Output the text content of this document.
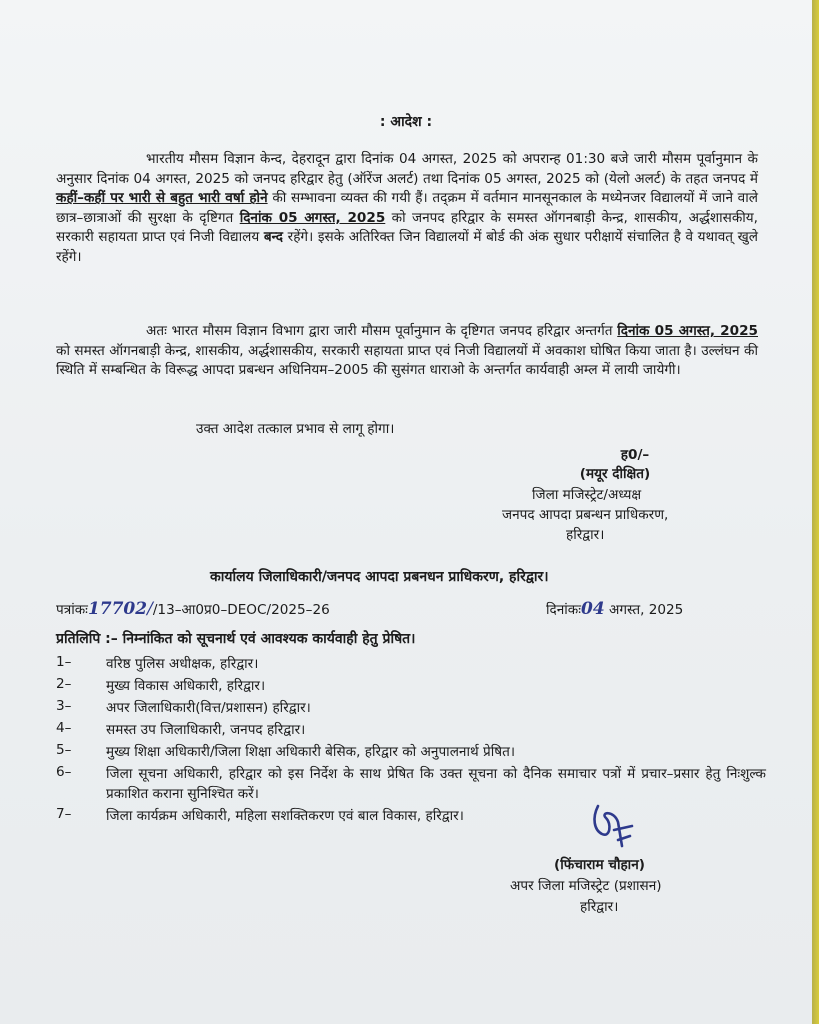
: आदेश :
भारतीय मौसम विज्ञान केन्द, देहरादून द्वारा दिनांक 04 अगस्त, 2025 को अपरान्ह 01:30 बजे जारी मौसम पूर्वानुमान के अनुसार दिनांक 04 अगस्त, 2025 को जनपद हरिद्वार हेतु (ऑरेंज अलर्ट) तथा दिनांक 05 अगस्त, 2025 को (येलो अलर्ट) के तहत जनपद में कहीं–कहीं पर भारी से बहुत भारी वर्षा होने की सम्भावना व्यक्त की गयी हैं। तद्क्रम में वर्तमान मानसूनकाल के मध्येनजर विद्यालयों में जाने वाले छात्र–छात्राओं की सुरक्षा के दृष्टिगत दिनांक 05 अगस्त, 2025 को जनपद हरिद्वार के समस्त ऑगनबाड़ी केन्द्र, शासकीय, अर्द्धशासकीय, सरकारी सहायता प्राप्त एवं निजी विद्यालय बन्द रहेंगे। इसके अतिरिक्त जिन विद्यालयों में बोर्ड की अंक सुधार परीक्षायें संचालित है वे यथावत् खुले रहेंगे।
अतः भारत मौसम विज्ञान विभाग द्वारा जारी मौसम पूर्वानुमान के दृष्टिगत जनपद हरिद्वार अन्तर्गत दिनांक 05 अगस्त, 2025 को समस्त ऑगनबाड़ी केन्द्र, शासकीय, अर्द्धशासकीय, सरकारी सहायता प्राप्त एवं निजी विद्यालयों में अवकाश घोषित किया जाता है। उल्लंघन की स्थिति में सम्बन्धित के विरूद्ध आपदा प्रबन्धन अधिनियम–2005 की सुसंगत धाराओ के अन्तर्गत कार्यवाही अम्ल में लायी जायेगी।
उक्त आदेश तत्काल प्रभाव से लागू होगा।
ह0/–
(मयूर दीक्षित)
जिला मजिस्ट्रेट/अध्यक्ष
जनपद आपदा प्रबन्धन प्राधिकरण,
हरिद्वार।
कार्यालय जिलाधिकारी/जनपद आपदा प्रबनधन प्राधिकरण, हरिद्वार।
पत्रांकः17702//13–आ0प्र0–DEOC/2025–26	दिनांकः04 अगस्त, 2025
प्रतिलिपि :– निम्नांकित को सूचनार्थ एवं आवश्यक कार्यवाही हेतु प्रेषित।
1–	वरिष्ठ पुलिस अधीक्षक, हरिद्वार।
2–	मुख्य विकास अधिकारी, हरिद्वार।
3–	अपर जिलाधिकारी(वित्त/प्रशासन) हरिद्वार।
4–	समस्त उप जिलाधिकारी, जनपद हरिद्वार।
5–	मुख्य शिक्षा अधिकारी/जिला शिक्षा अधिकारी बेसिक, हरिद्वार को अनुपालनार्थ प्रेषित।
6–	जिला सूचना अधिकारी, हरिद्वार को इस निर्देश के साथ प्रेषित कि उक्त सूचना को दैनिक समाचार पत्रों में प्रचार–प्रसार हेतु निःशुल्क प्रकाशित कराना सुनिश्चित करें।
7–	जिला कार्यक्रम अधिकारी, महिला सशक्तिकरण एवं बाल विकास, हरिद्वार।
(फिंचाराम चौहान)
अपर जिला मजिस्ट्रेट (प्रशासन)
हरिद्वार।
